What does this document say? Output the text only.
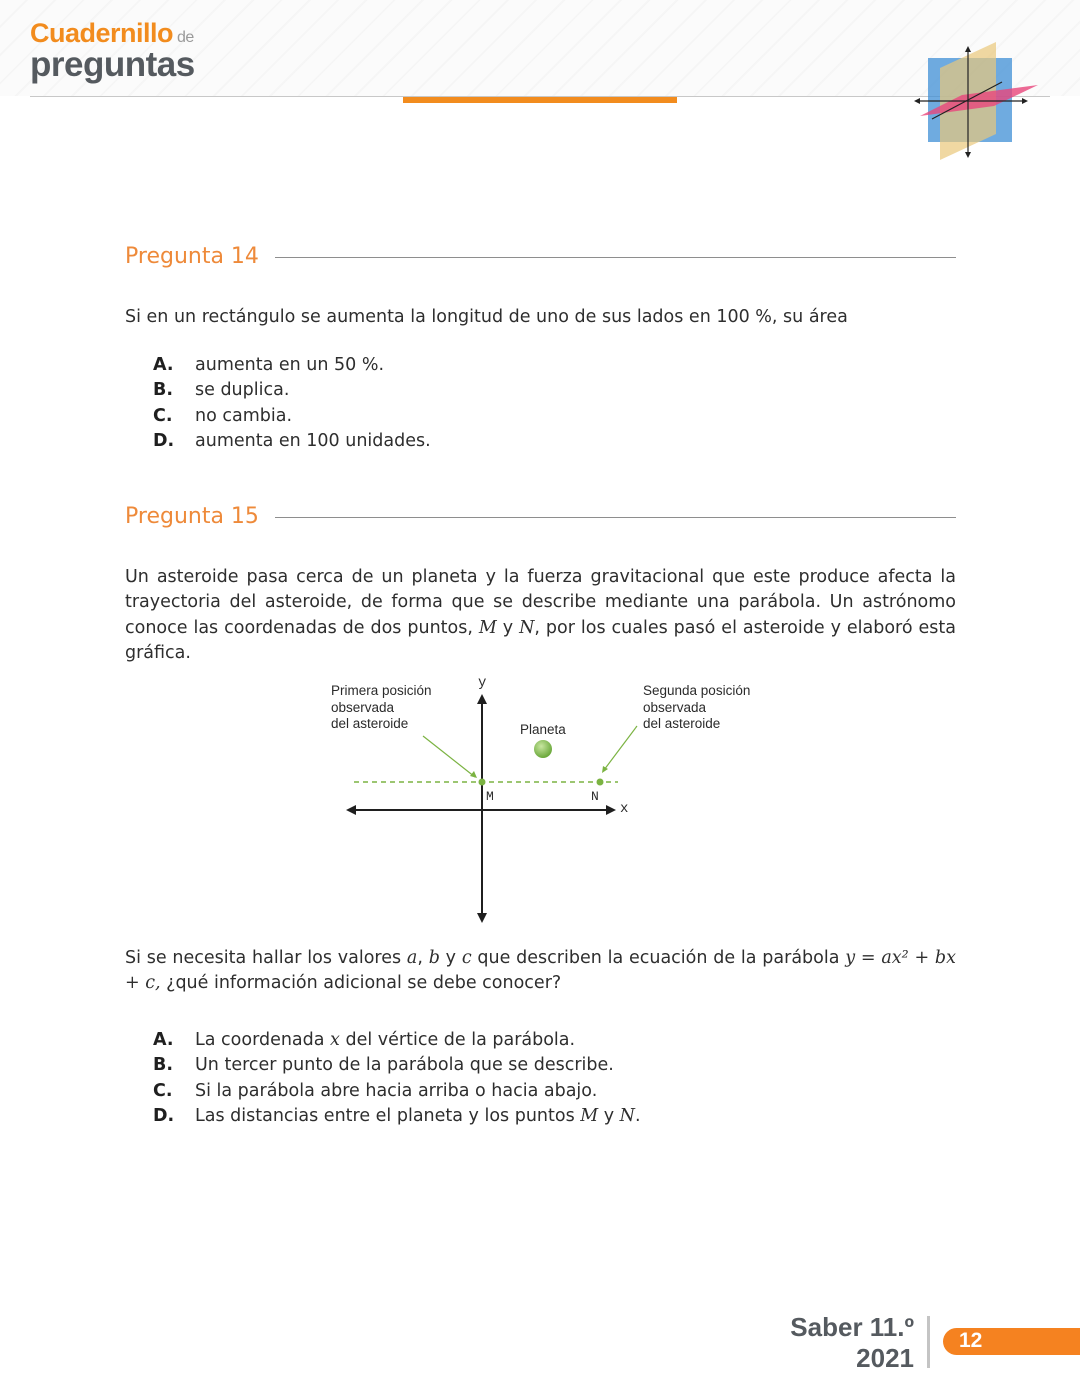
Cuadernillo de
preguntas
Pregunta 14
Si en un rectángulo se aumenta la longitud de uno de sus lados en 100 %, su área
A.	aumenta en un 50 %.
B.	se duplica.
C.	no cambia.
D.	aumenta en 100 unidades.
Pregunta 15
Un asteroide pasa cerca de un planeta y la fuerza gravitacional que este produce afecta la trayectoria del asteroide, de forma que se describe mediante una parábola. Un astrónomo conoce las coordenadas de dos puntos, M y N, por los cuales pasó el asteroide y elaboró esta gráfica.
Primera posición
observada
del asteroide
Segunda posición
observada
del asteroide
Planeta
y
x
M	N
Si se necesita hallar los valores a, b y c que describen la ecuación de la parábola y = ax² + bx + c, ¿qué información adicional se debe conocer?
A.	La coordenada x del vértice de la parábola.
B.	Un tercer punto de la parábola que se describe.
C.	Si la parábola abre hacia arriba o hacia abajo.
D.	Las distancias entre el planeta y los puntos M y N.
Saber 11.º
2021
12
